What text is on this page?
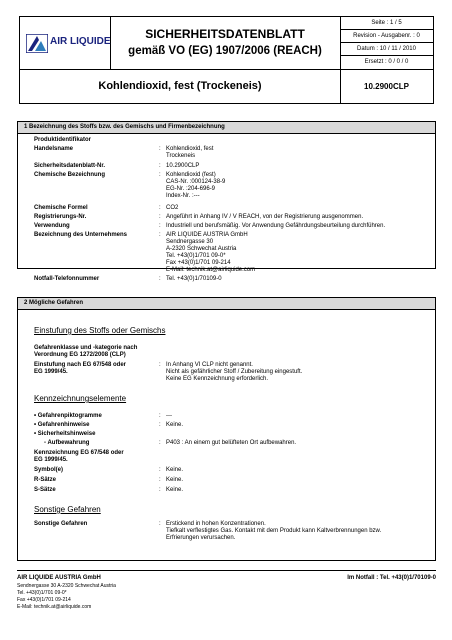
AIR LIQUIDE
SICHERHEITSDATENBLATT
gemäß VO (EG) 1907/2006 (REACH)
Seite : 1 / 5
Revision - Ausgabenr. : 0
Datum : 10 / 11 / 2010
Ersetzt : 0 / 0 / 0
Kohlendioxid, fest (Trockeneis)	10.2900CLP
1 Bezeichnung des Stoffs bzw. des Gemischs und Firmenbezeichnung
Produktidentifikator
Handelsname	: Kohlendioxid, fest
Trockeneis
Sicherheitsdatenblatt-Nr.	: 10.2900CLP
Chemische Bezeichnung	: Kohlendioxid (fest)
CAS-Nr. :000124-38-9
EG-Nr. :204-696-9
Index-Nr. :---
Chemische Formel	: CO2
Registrierungs-Nr.	: Angeführt in Anhang IV / V REACH, von der Registrierung ausgenommen.
Verwendung	: Industriell und berufsmäßig. Vor Anwendung Gefährdungsbeurteilung durchführen.
Bezeichnung des Unternehmens	: AIR LIQUIDE AUSTRIA GmbH
Sendnergasse 30
A-2320 Schwechat Austria
Tel. +43(0)1/701 09-0*
Fax +43(0)1/701 09-214
E-Mail: technik.at@airliquide.com
Notfall-Telefonnummer	: Tel. +43(0)1/70109-0
2 Mögliche Gefahren
Einstufung des Stoffs oder Gemischs
Gefahrenklasse und -kategorie nach
Verordnung EG 1272/2008 (CLP)
Einstufung nach EG 67/548 oder
EG 1999/45.
: In Anhang VI CLP nicht genannt.
Nicht als gefährlicher Stoff / Zubereitung eingestuft.
Keine EG Kennzeichnung erforderlich.
Kennzeichnungselemente
• Gefahrenpiktogramme	: ---
• Gefahrenhinweise	: Keine.
• Sicherheitshinweise
- Aufbewahrung	: P403 : An einem gut belüfteten Ort aufbewahren.
Kennzeichnung EG 67/548 oder
EG 1999/45.
Symbol(e)	: Keine.
R-Sätze	: Keine.
S-Sätze	: Keine.
Sonstige Gefahren
Sonstige Gefahren	: Erstickend in hohen Konzentrationen.
Tiefkalt verflestigtes Gas. Kontakt mit dem Produkt kann Kaltverbrennungen bzw.
Erfrierungen verursachen.
AIR LIQUIDE AUSTRIA GmbH
Sendnergasse 30 A-2320 Schwechat Austria
Tel. +43(0)1/701 09-0*
Fax +43(0)1/701 09-214
E-Mail: technik.at@airliquide.com
Im Notfall : Tel. +43(0)1/70109-0
